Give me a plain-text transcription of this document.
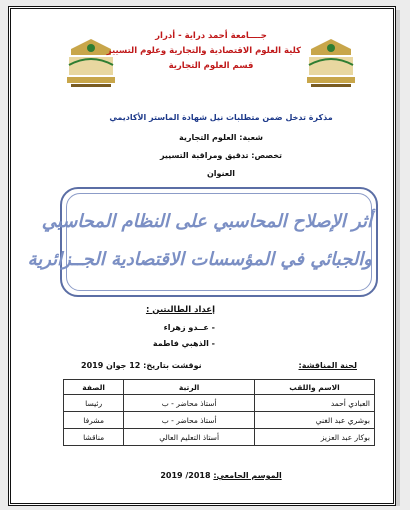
جــــامعة أحمد دراية - أدرار
كلية العلوم الاقتصادية والتجارية وعلوم التسيير
قسم العلوم التجارية
مذكرة تدخل ضمن متطلبات نيل شهادة الماستر الأكاديمي
شعبة: العلوم التجارية
تخصص: تدقيق ومراقبة التسيير
العنوان
أثر الإصلاح المحاسبي على النظام المحاسبي
والجبائي في المؤسسات الاقتصادية الجــزائرية
إعداد الطالبتين :
- عــدو زهراء
- الذهبي فاطمة
لجنة المناقشة:
نوقشت بتاريخ: 12 جوان 2019
الاسم واللقب	الرتبة	الصفة
العبادي أحمد	أستاذ محاضر - ب	رئيسا
بوشري عبد الغني	أستاذ محاضر - ب	مشرفا
بوكار عبد العزيز	أستاذ التعليم العالي	مناقشا
الموسم الجامعي: 2018/ 2019
